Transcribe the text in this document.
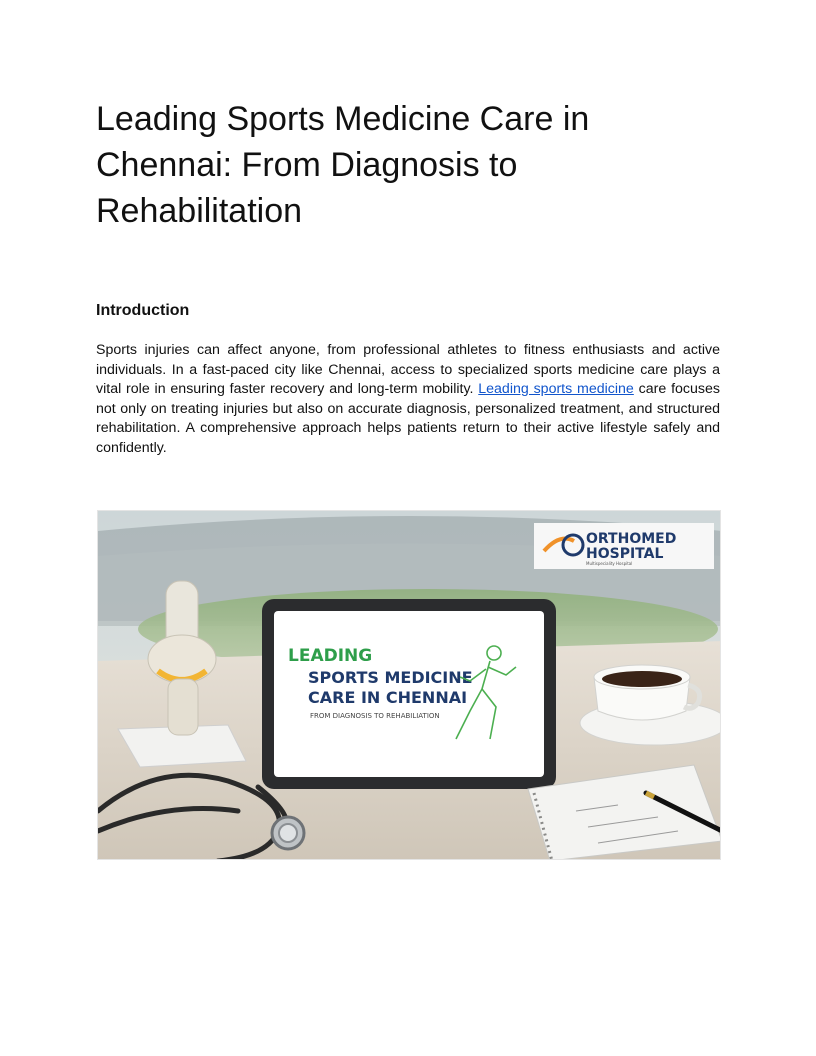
Leading Sports Medicine Care in Chennai: From Diagnosis to Rehabilitation
Introduction

Sports injuries can affect anyone, from professional athletes to fitness enthusiasts and active individuals. In a fast-paced city like Chennai, access to specialized sports medicine care plays a vital role in ensuring faster recovery and long-term mobility. Leading sports medicine care focuses not only on treating injuries but also on accurate diagnosis, personalized treatment, and structured rehabilitation. A comprehensive approach helps patients return to their active lifestyle safely and confidently.

LEADING
SPORTS MEDICINE
CARE IN CHENNAI
FROM DIAGNOSIS TO REHABILIATION
ORTHOMED
HOSPITAL
Multispeciality Hospital
